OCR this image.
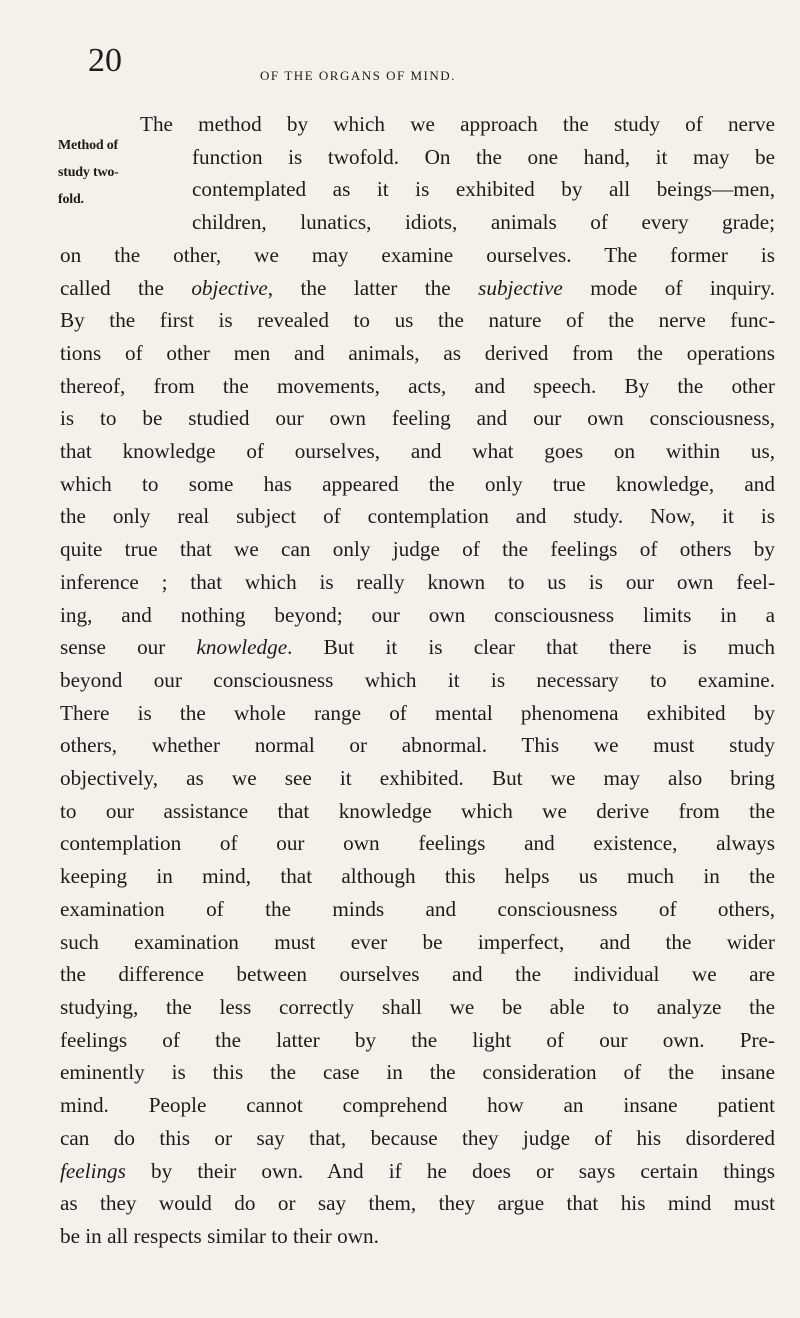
20	of the organs of mind.
Method of study two-fold.
The method by which we approach the study of nerve
function is twofold. On the one hand, it may be
contemplated as it is exhibited by all beings—men,
children, lunatics, idiots, animals of every grade;
on the other, we may examine ourselves. The former is
called the objective, the latter the subjective mode of inquiry.
By the first is revealed to us the nature of the nerve func-
tions of other men and animals, as derived from the operations
thereof, from the movements, acts, and speech. By the other
is to be studied our own feeling and our own consciousness,
that knowledge of ourselves, and what goes on within us,
which to some has appeared the only true knowledge, and
the only real subject of contemplation and study. Now, it is
quite true that we can only judge of the feelings of others by
inference ; that which is really known to us is our own feel-
ing, and nothing beyond; our own consciousness limits in a
sense our knowledge. But it is clear that there is much
beyond our consciousness which it is necessary to examine.
There is the whole range of mental phenomena exhibited by
others, whether normal or abnormal. This we must study
objectively, as we see it exhibited. But we may also bring
to our assistance that knowledge which we derive from the
contemplation of our own feelings and existence, always
keeping in mind, that although this helps us much in the
examination of the minds and consciousness of others,
such examination must ever be imperfect, and the wider
the difference between ourselves and the individual we are
studying, the less correctly shall we be able to analyze the
feelings of the latter by the light of our own. Pre-
eminently is this the case in the consideration of the insane
mind. People cannot comprehend how an insane patient
can do this or say that, because they judge of his disordered
feelings by their own. And if he does or says certain things
as they would do or say them, they argue that his mind must
be in all respects similar to their own.
